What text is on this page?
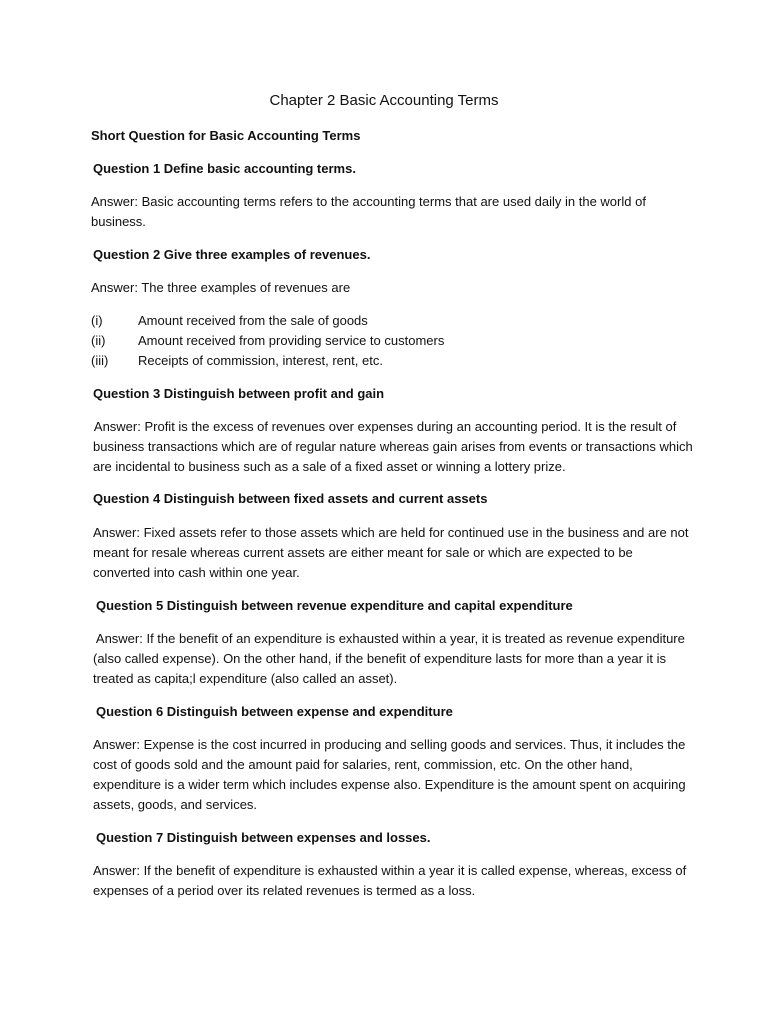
Chapter 2 Basic Accounting Terms
Short Question for Basic Accounting Terms
Question 1 Define basic accounting terms.
Answer: Basic accounting terms refers to the accounting terms that are used daily in the world of
business.
Question 2 Give three examples of revenues.
Answer: The three examples of revenues are
(i)	Amount received from the sale of goods
(ii)	Amount received from providing service to customers
(iii) Receipts of commission, interest, rent, etc.
Question 3 Distinguish between profit and gain
Answer: Profit is the excess of revenues over expenses during an accounting period. It is the result of
business transactions which are of regular nature whereas gain arises from events or transactions which
are incidental to business such as a sale of a fixed asset or winning a lottery prize.
Question 4 Distinguish between fixed assets and current assets
Answer: Fixed assets refer to those assets which are held for continued use in the business and are not
meant for resale whereas current assets are either meant for sale or which are expected to be
converted into cash within one year.
Question 5 Distinguish between revenue expenditure and capital expenditure
Answer: If the benefit of an expenditure is exhausted within a year, it is treated as revenue expenditure
(also called expense). On the other hand, if the benefit of expenditure lasts for more than a year it is
treated as capita;l expenditure (also called an asset).
Question 6 Distinguish between expense and expenditure
Answer: Expense is the cost incurred in producing and selling goods and services. Thus, it includes the
cost of goods sold and the amount paid for salaries, rent, commission, etc. On the other hand,
expenditure is a wider term which includes expense also. Expenditure is the amount spent on acquiring
assets, goods, and services.
Question 7 Distinguish between expenses and losses.
Answer: If the benefit of expenditure is exhausted within a year it is called expense, whereas, excess of
expenses of a period over its related revenues is termed as a loss.
